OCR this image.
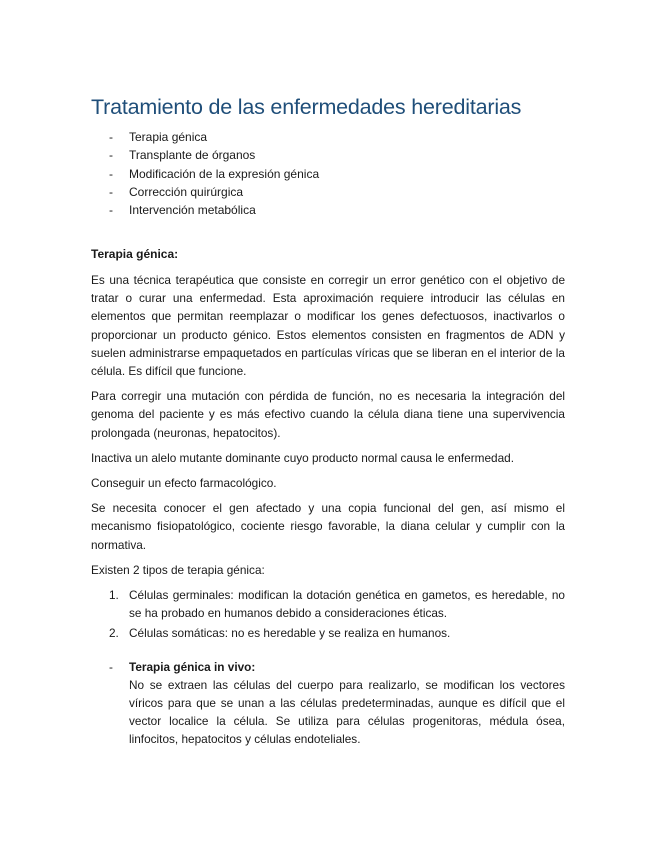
Tratamiento de las enfermedades hereditarias
- Terapia génica
- Transplante de órganos
- Modificación de la expresión génica
- Corrección quirúrgica
- Intervención metabólica
Terapia génica:

Es una técnica terapéutica que consiste en corregir un error genético con el objetivo de tratar o curar una enfermedad. Esta aproximación requiere introducir las células en elementos que permitan reemplazar o modificar los genes defectuosos, inactivarlos o proporcionar un producto génico. Estos elementos consisten en fragmentos de ADN y suelen administrarse empaquetados en partículas víricas que se liberan en el interior de la célula. Es difícil que funcione.

Para corregir una mutación con pérdida de función, no es necesaria la integración del genoma del paciente y es más efectivo cuando la célula diana tiene una supervivencia prolongada (neuronas, hepatocitos).

Inactiva un alelo mutante dominante cuyo producto normal causa le enfermedad.

Conseguir un efecto farmacológico.

Se necesita conocer el gen afectado y una copia funcional del gen, así mismo el mecanismo fisiopatológico, cociente riesgo favorable, la diana celular y cumplir con la normativa.

Existen 2 tipos de terapia génica:

1. Células germinales: modifican la dotación genética en gametos, es heredable, no se ha probado en humanos debido a consideraciones éticas.
2. Células somáticas: no es heredable y se realiza en humanos.
- Terapia génica in vivo:
No se extraen las células del cuerpo para realizarlo, se modifican los vectores víricos para que se unan a las células predeterminadas, aunque es difícil que el vector localice la célula. Se utiliza para células progenitoras, médula ósea, linfocitos, hepatocitos y células endoteliales.
